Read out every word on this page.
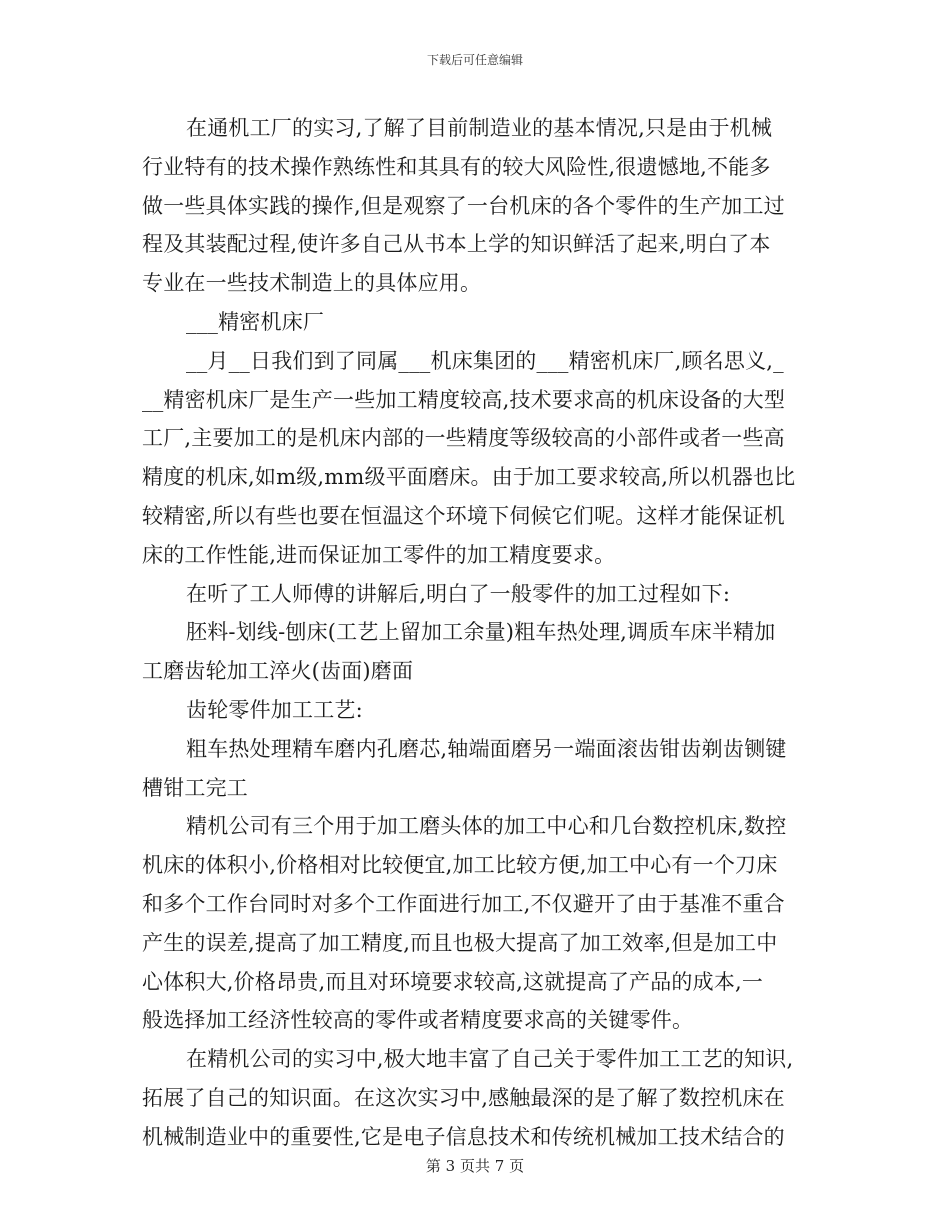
下载后可任意编辑
在通机工厂的实习,了解了目前制造业的基本情况,只是由于机械
行业特有的技术操作熟练性和其具有的较大风险性,很遗憾地,不能多
做一些具体实践的操作,但是观察了一台机床的各个零件的生产加工过
程及其装配过程,使许多自己从书本上学的知识鲜活了起来,明白了本
专业在一些技术制造上的具体应用。
___精密机床厂
__月__日我们到了同属___机床集团的___精密机床厂,顾名思义,_
__精密机床厂是生产一些加工精度较高,技术要求高的机床设备的大型
工厂,主要加工的是机床内部的一些精度等级较高的小部件或者一些高
精度的机床,如m级,mm级平面磨床。由于加工要求较高,所以机器也比
较精密,所以有些也要在恒温这个环境下伺候它们呢。这样才能保证机
床的工作性能,进而保证加工零件的加工精度要求。
在听了工人师傅的讲解后,明白了一般零件的加工过程如下:
胚料-划线-刨床(工艺上留加工余量)粗车热处理,调质车床半精加
工磨齿轮加工淬火(齿面)磨面
齿轮零件加工工艺:
粗车热处理精车磨内孔磨芯,轴端面磨另一端面滚齿钳齿剃齿铡键
槽钳工完工
精机公司有三个用于加工磨头体的加工中心和几台数控机床,数控
机床的体积小,价格相对比较便宜,加工比较方便,加工中心有一个刀床
和多个工作台同时对多个工作面进行加工,不仅避开了由于基准不重合
产生的误差,提高了加工精度,而且也极大提高了加工效率,但是加工中
心体积大,价格昂贵,而且对环境要求较高,这就提高了产品的成本,一
般选择加工经济性较高的零件或者精度要求高的关键零件。
在精机公司的实习中,极大地丰富了自己关于零件加工工艺的知识,
拓展了自己的知识面。在这次实习中,感触最深的是了解了数控机床在
机械制造业中的重要性,它是电子信息技术和传统机械加工技术结合的
第 3 页共 7 页
